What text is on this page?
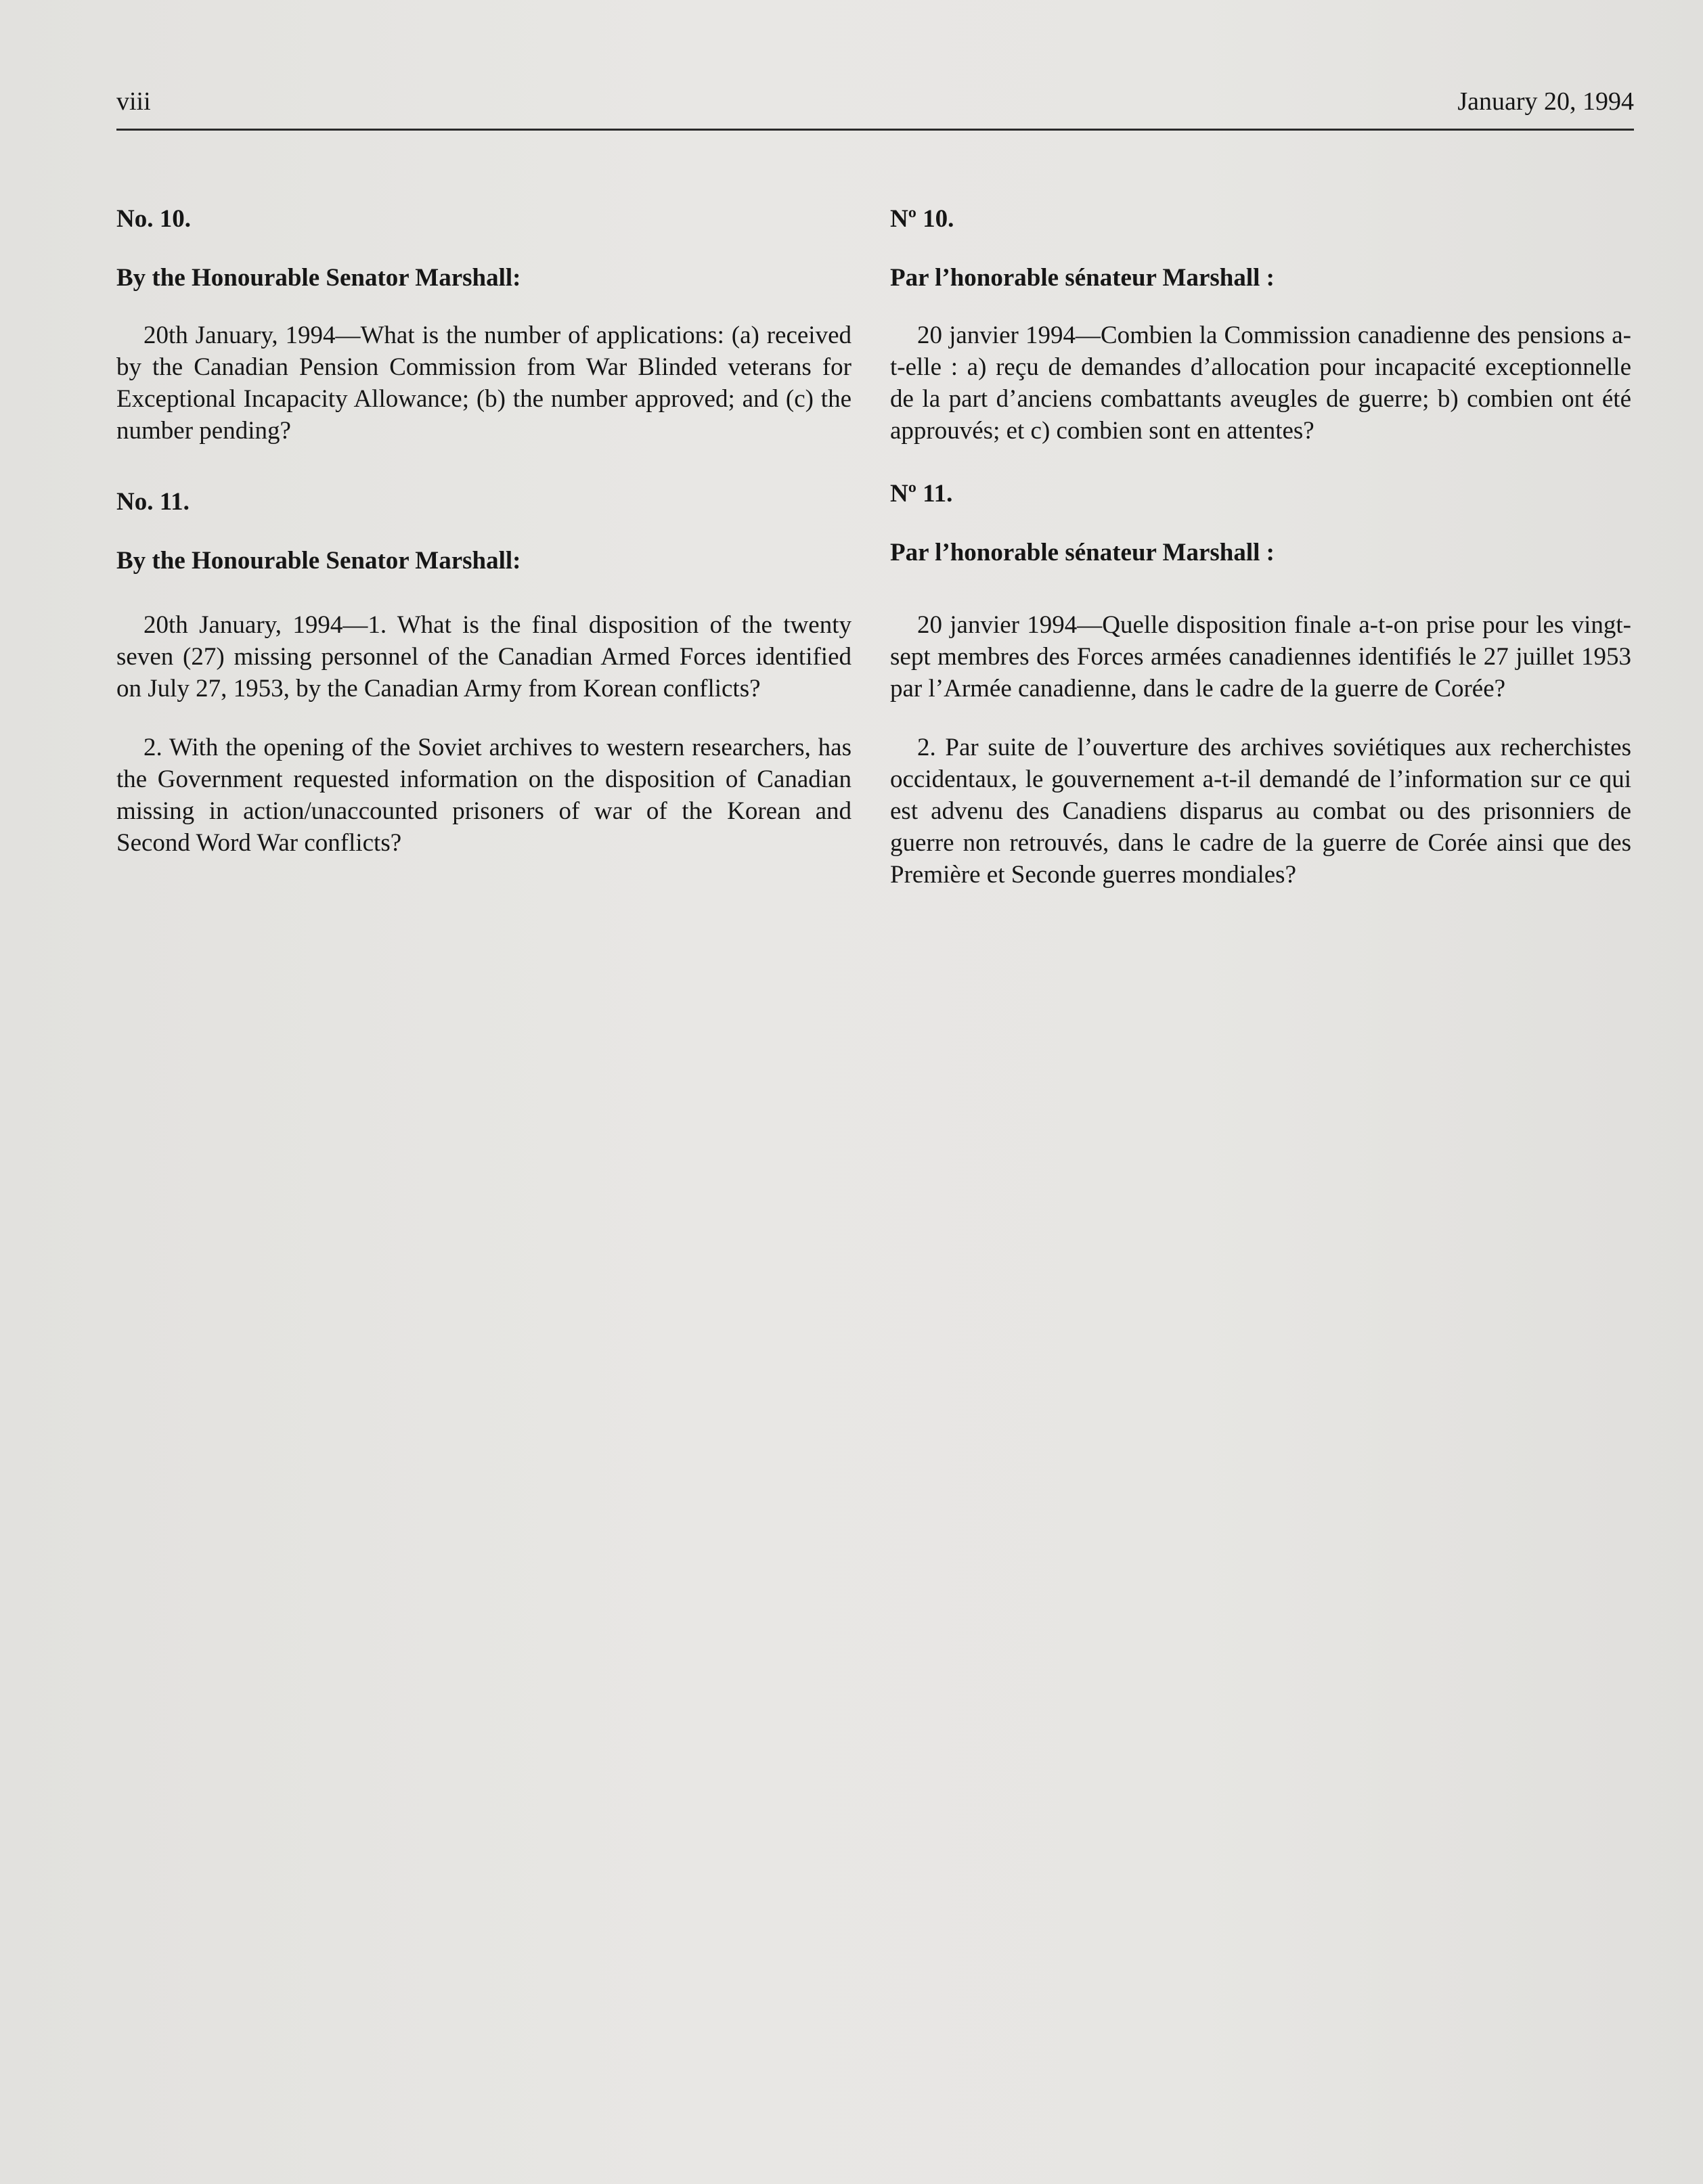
viii	January 20, 1994

No. 10.

By the Honourable Senator Marshall:

20th January, 1994—What is the number of applications: (a) received by the Canadian Pension Commission from War Blinded veterans for Exceptional Incapacity Allowance; (b) the number approved; and (c) the number pending?

No. 11.

By the Honourable Senator Marshall:

20th January, 1994—1. What is the final disposition of the twenty seven (27) missing personnel of the Canadian Armed Forces identified on July 27, 1953, by the Canadian Army from Korean conflicts?

2. With the opening of the Soviet archives to western researchers, has the Government requested information on the disposition of Canadian missing in action/unaccounted prisoners of war of the Korean and Second Word War conflicts?

Nº 10.

Par l’honorable sénateur Marshall :

20 janvier 1994—Combien la Commission canadienne des pensions a-t-elle : a) reçu de demandes d’allocation pour incapacité exceptionnelle de la part d’anciens combattants aveugles de guerre; b) combien ont été approuvés; et c) combien sont en attentes?

Nº 11.

Par l’honorable sénateur Marshall :

20 janvier 1994—Quelle disposition finale a-t-on prise pour les vingt-sept membres des Forces armées canadiennes identifiés le 27 juillet 1953 par l’Armée canadienne, dans le cadre de la guerre de Corée?

2. Par suite de l’ouverture des archives soviétiques aux recherchistes occidentaux, le gouvernement a-t-il demandé de l’information sur ce qui est advenu des Canadiens disparus au combat ou des prisonniers de guerre non retrouvés, dans le cadre de la guerre de Corée ainsi que des Première et Seconde guerres mondiales?
